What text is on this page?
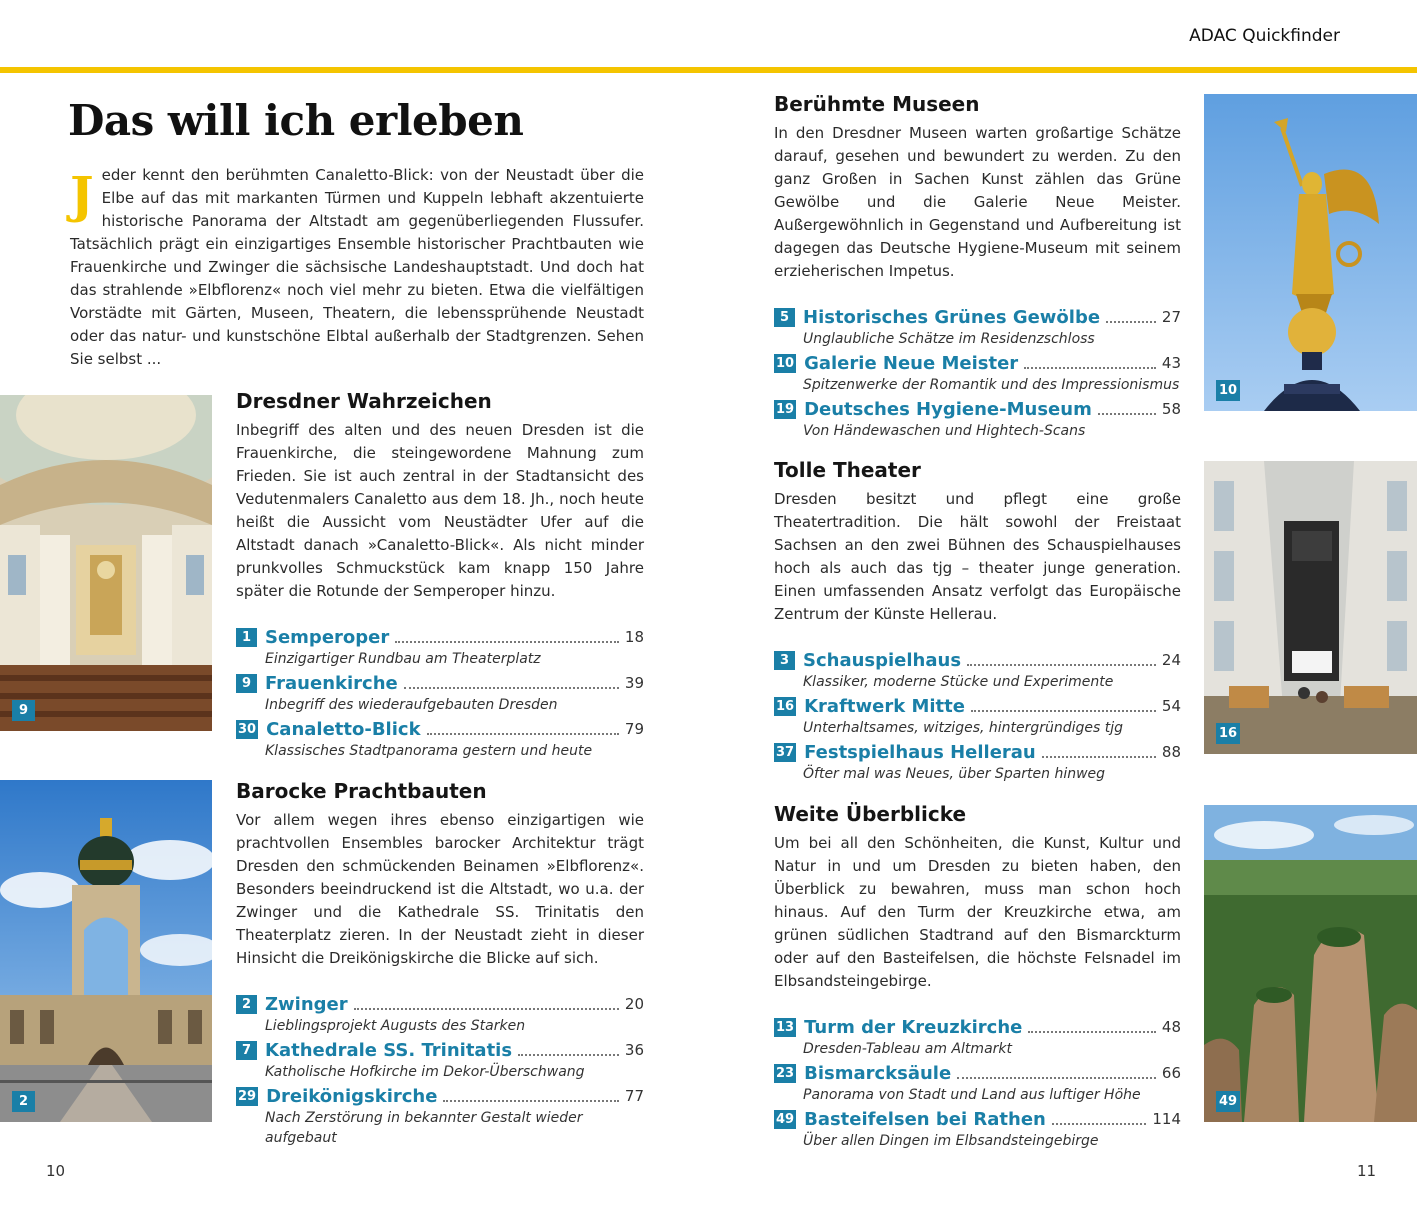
ADAC Quickfinder
Das will ich erleben
J eder kennt den berühmten Canaletto-Blick: von der Neustadt über die Elbe auf das mit markanten Türmen und Kuppeln lebhaft akzentuierte historische Panorama der Altstadt am gegenüberliegenden Flussufer. Tatsächlich prägt ein einzigartiges Ensemble historischer Prachtbauten wie Frauenkirche und Zwinger die sächsische Landeshauptstadt. Und doch hat das strahlende »Elbflorenz« noch viel mehr zu bieten. Etwa die vielfältigen Vorstädte mit Gärten, Museen, Theatern, die lebenssprühende Neustadt oder das natur- und kunstschöne Elbtal außerhalb der Stadtgrenzen. Sehen Sie selbst ...
9
Dresdner Wahrzeichen

Inbegriff des alten und des neuen Dresden ist die Frauenkirche, die steingewordene Mahnung zum Frieden. Sie ist auch zentral in der Stadtansicht des Vedutenmalers Canaletto aus dem 18. Jh., noch heute heißt die Aussicht vom Neustädter Ufer auf die Altstadt danach »Canaletto-Blick«. Als nicht minder prunkvolles Schmuckstück kam knapp 150 Jahre später die Rotunde der Semperoper hinzu.

1 Semperoper	18
Einzigartiger Rundbau am Theaterplatz
9 Frauenkirche	39
Inbegriff des wiederaufgebauten Dresden
30 Canaletto-Blick	79
Klassisches Stadtpanorama gestern und heute
2
Barocke Prachtbauten

Vor allem wegen ihres ebenso einzigartigen wie prachtvollen Ensembles barocker Architektur trägt Dresden den schmückenden Beinamen »Elbflorenz«. Besonders beeindruckend ist die Altstadt, wo u.a. der Zwinger und die Kathedrale SS. Trinitatis den Theaterplatz zieren. In der Neustadt zieht in dieser Hinsicht die Dreikönigskirche die Blicke auf sich.

2 Zwinger	20
Lieblingsprojekt Augusts des Starken
7 Kathedrale SS. Trinitatis	36
Katholische Hofkirche im Dekor-Überschwang
29 Dreikönigskirche	77
Nach Zerstörung in bekannter Gestalt wieder aufgebaut
Berühmte Museen

In den Dresdner Museen warten großartige Schätze darauf, gesehen und bewundert zu werden. Zu den ganz Großen in Sachen Kunst zählen das Grüne Gewölbe und die Galerie Neue Meister. Außergewöhnlich in Gegenstand und Aufbereitung ist dagegen das Deutsche Hygiene-Museum mit seinem erzieherischen Impetus.

5 Historisches Grünes Gewölbe	27
Unglaubliche Schätze im Residenzschloss
10 Galerie Neue Meister	43
Spitzenwerke der Romantik und des Impressionismus
19 Deutsches Hygiene-Museum	58
Von Händewaschen und Hightech-Scans
10
Tolle Theater

Dresden besitzt und pflegt eine große Theatertradition. Die hält sowohl der Freistaat Sachsen an den zwei Bühnen des Schauspielhauses hoch als auch das tjg – theater junge generation. Einen umfassenden Ansatz verfolgt das Europäische Zentrum der Künste Hellerau.

3 Schauspielhaus	24
Klassiker, moderne Stücke und Experimente
16 Kraftwerk Mitte	54
Unterhaltsames, witziges, hintergründiges tjg
37 Festspielhaus Hellerau	88
Öfter mal was Neues, über Sparten hinweg
16
Weite Überblicke

Um bei all den Schönheiten, die Kunst, Kultur und Natur in und um Dresden zu bieten haben, den Überblick zu bewahren, muss man schon hoch hinaus. Auf den Turm der Kreuzkirche etwa, am grünen südlichen Stadtrand auf den Bismarckturm oder auf den Basteifelsen, die höchste Felsnadel im Elbsandsteingebirge.

13 Turm der Kreuzkirche	48
Dresden-Tableau am Altmarkt
23 Bismarcksäule	66
Panorama von Stadt und Land aus luftiger Höhe
49 Basteifelsen bei Rathen	114
Über allen Dingen im Elbsandsteingebirge
49
10	11
